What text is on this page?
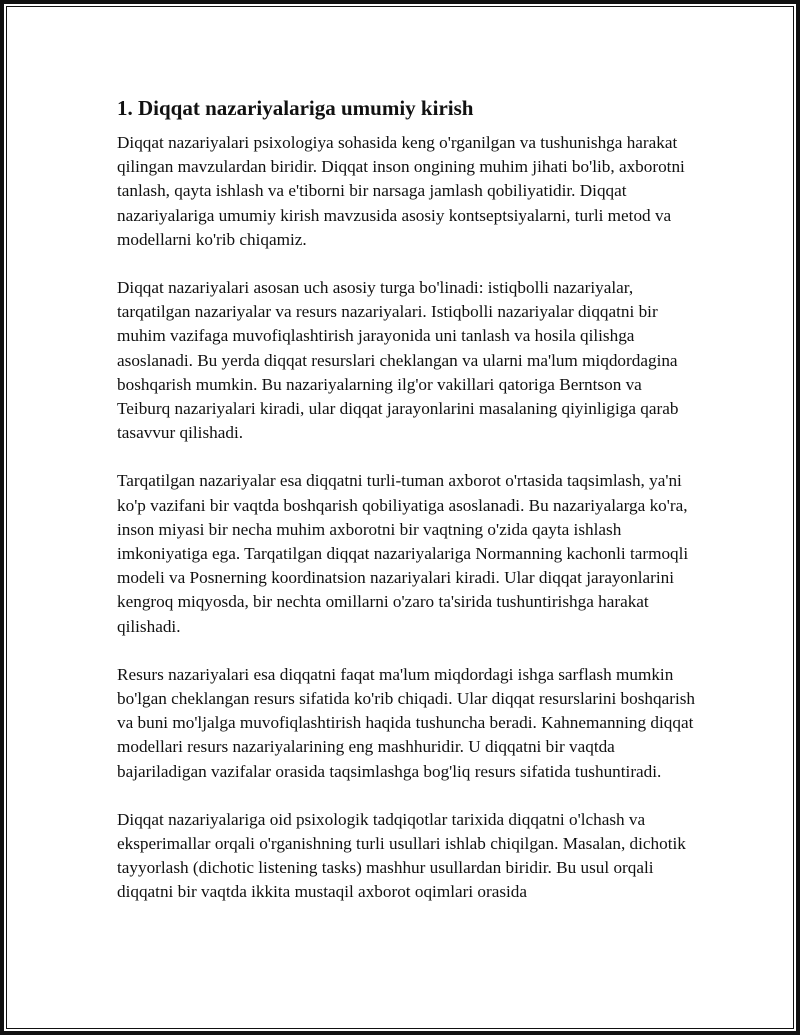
1. Diqqat nazariyalariga umumiy kirish

Diqqat nazariyalari psixologiya sohasida keng o'rganilgan va tushunishga harakat qilingan mavzulardan biridir. Diqqat inson ongining muhim jihati bo'lib, axborotni tanlash, qayta ishlash va e'tiborni bir narsaga jamlash qobiliyatidir. Diqqat nazariyalariga umumiy kirish mavzusida asosiy kontseptsiyalarni, turli metod va modellarni ko'rib chiqamiz.

Diqqat nazariyalari asosan uch asosiy turga bo'linadi: istiqbolli nazariyalar, tarqatilgan nazariyalar va resurs nazariyalari. Istiqbolli nazariyalar diqqatni bir muhim vazifaga muvofiqlashtirish jarayonida uni tanlash va hosila qilishga asoslanadi. Bu yerda diqqat resurslari cheklangan va ularni ma'lum miqdordagina boshqarish mumkin. Bu nazariyalarning ilg'or vakillari qatoriga Berntson va Teiburq nazariyalari kiradi, ular diqqat jarayonlarini masalaning qiyinligiga qarab tasavvur qilishadi.

Tarqatilgan nazariyalar esa diqqatni turli-tuman axborot o'rtasida taqsimlash, ya'ni ko'p vazifani bir vaqtda boshqarish qobiliyatiga asoslanadi. Bu nazariyalarga ko'ra, inson miyasi bir necha muhim axborotni bir vaqtning o'zida qayta ishlash imkoniyatiga ega. Tarqatilgan diqqat nazariyalariga Normanning kachonli tarmoqli modeli va Posnerning koordinatsion nazariyalari kiradi. Ular diqqat jarayonlarini kengroq miqyosda, bir nechta omillarni o'zaro ta'sirida tushuntirishga harakat qilishadi.

Resurs nazariyalari esa diqqatni faqat ma'lum miqdordagi ishga sarflash mumkin bo'lgan cheklangan resurs sifatida ko'rib chiqadi. Ular diqqat resurslarini boshqarish va buni mo'ljalga muvofiqlashtirish haqida tushuncha beradi. Kahnemanning diqqat modellari resurs nazariyalarining eng mashhuridir. U diqqatni bir vaqtda bajariladigan vazifalar orasida taqsimlashga bog'liq resurs sifatida tushuntiradi.

Diqqat nazariyalariga oid psixologik tadqiqotlar tarixida diqqatni o'lchash va eksperimallar orqali o'rganishning turli usullari ishlab chiqilgan. Masalan, dichotik tayyorlash (dichotic listening tasks) mashhur usullardan biridir. Bu usul orqali diqqatni bir vaqtda ikkita mustaqil axborot oqimlari orasida
